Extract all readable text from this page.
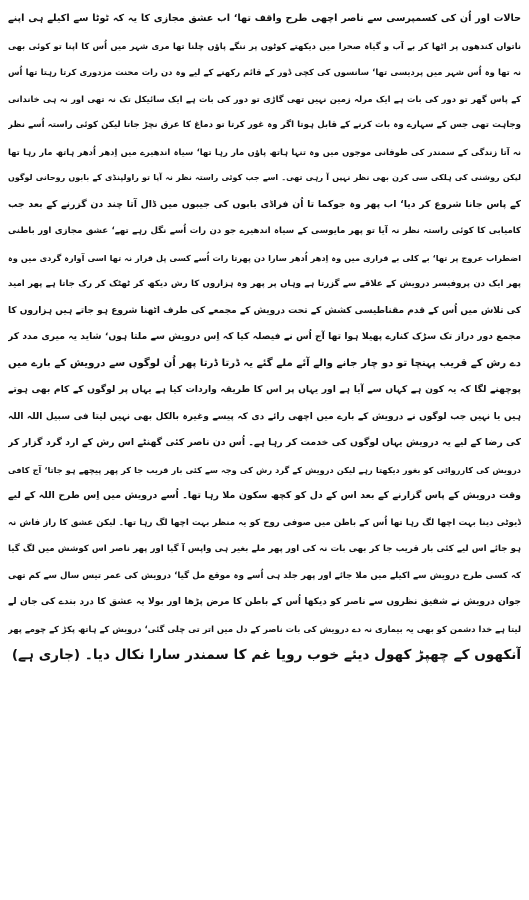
حالات اور اُن کی کسمپرسی سے ناصر اچھی طرح واقف تھا‘ اب عشق مجازی کا یہ کہ ٹوٹا سے اکیلے ہی اپنے
ناتواں کندھوں پر اٹھا کر بے آب و گیاہ صحرا میں دیکھتے کوٹوں پر ننگے پاؤں چلنا تھا مری شہر میں اُس کا اپنا تو کوئی بھی
نہ تھا وہ اُس شہر میں پردیسی تھا‘ سانسوں کی کچی ڈور کے قائم رکھنے کے لیے وہ دن رات محنت مزدوری کرتا رہتا تھا اُس
کے پاس گھر تو دور کی بات ہے ایک مرلہ زمین نہیں تھی گاڑی تو دور کی بات ہے ایک سائیکل تک نہ تھی اور نہ ہی خاندانی
وجاہت تھی جس کے سہارے وہ بات کرنے کے قابل ہوتا اگر وہ غور کرتا تو دماغ کا عرق نچڑ جاتا لیکن کوئی راستہ اُسے نظر
نہ آتا زندگی کے سمندر کی طوفانی موجوں میں وہ تنہا ہاتھ پاؤں مار رہا تھا‘ سیاہ اندھیرے میں اِدھر اُدھر ہاتھ مار رہا تھا
لیکن روشنی کی ہلکی سی کرن بھی نظر نہیں آ رہی تھی۔ اسے جب کوئی راستہ نظر نہ آیا تو راولپنڈی کے بابوں روحانی لوگوں
کے پاس جانا شروع کر دیا‘ اب پھر وہ جوکما تا اُن فراڈی بابوں کی جیبوں میں ڈال آتا چند دن گزرنے کے بعد جب
کامیابی کا کوئی راستہ نظر نہ آیا تو پھر مایوسی کے سیاہ اندھیرے جو دن رات اُسے نگل رہے تھے‘ عشق مجازی اور باطنی
اضطراب عروج پر تھا‘ بے کلی بے قراری میں وہ اِدھر اُدھر سارا دن پھرتا رات اُسے کسی پل قرار نہ تھا اسی آوارہ گردی میں وہ
پھر ایک دن پروفیسر درویش کے علاقے سے گزرتا ہے وہاں پر پھر وہ ہزاروں کا رش دیکھ کر ٹھٹک کر رک جاتا ہے پھر امید
کی تلاش میں اُس کے قدم مقناطیسی کشش کے تحت درویش کے مجمعے کی طرف اٹھنا شروع ہو جاتے ہیں ہزاروں کا
مجمع دور دراز تک سڑک کنارے پھیلا ہوا تھا آج اُس نے فیصلہ کیا کہ اِس درویش سے ملتا ہوں‘ شاید یہ میری مدد کر
دے رش کے قریب پہنچا تو دو چار جانے والے آئے ملے گئے یہ ڈرتا ڈرتا پھر اُن لوگوں سے درویش کے بارے میں
پوچھنے لگا کہ یہ کون ہے کہاں سے آیا ہے اور یہاں پر اس کا طریقہ واردات کیا ہے یہاں پر لوگوں کے کام بھی ہوتے
ہیں یا نہیں جب لوگوں نے درویش کے بارے میں اچھی رائے دی کہ پیسے وغیرہ بالکل بھی نہیں لیتا فی سبیل اللہ اللہ
کی رضا کے لیے یہ درویش یہاں لوگوں کی خدمت کر رہا ہے۔ اُس دن ناصر کئی گھنٹے اس رش کے ارد گرد گزار کر
درویش کی کارروائی کو بغور دیکھتا رہے لیکن درویش کے گرد رش کی وجہ سے کئی بار قریب جا کر پھر پیچھے ہو جاتا‘ آج کافی
وقت درویش کے پاس گزارنے کے بعد اس کے دل کو کچھ سکون ملا رہا تھا۔ اُسے درویش میں اِس طرح اللہ کے لیے
ڈیوٹی دینا بہت اچھا لگ رہا تھا اُس کے باطن میں صوفی روح کو یہ منظر بہت اچھا لگ رہا تھا۔ لیکن عشق کا راز فاش نہ
ہو جائے اس لیے کئی بار قریب جا کر بھی بات نہ کی اور پھر ملے بغیر ہی واپس آ گیا اور پھر ناصر اس کوشش میں لگ گیا
کہ کسی طرح درویش سے اکیلے میں ملا جائے اور پھر جلد ہی اُسے وہ موقع مل گیا‘ درویش کی عمر تیس سال سے کم تھی
جوان درویش نے شفیق نظروں سے ناصر کو دیکھا اُس کے باطن کا مرض پڑھا اور بولا یہ عشق کا درد بندے کی جان لے
لیتا ہے خدا دشمن کو بھی یہ بیماری نہ دے درویش کی بات ناصر کے دل میں اتر تی چلی گئی‘ درویش کے ہاتھ پکڑ کے چومے پھر
آنکھوں کے چھپڑ کھول دیئے خوب رویا غم کا سمندر سارا نکال دیا۔ (جاری ہے)
